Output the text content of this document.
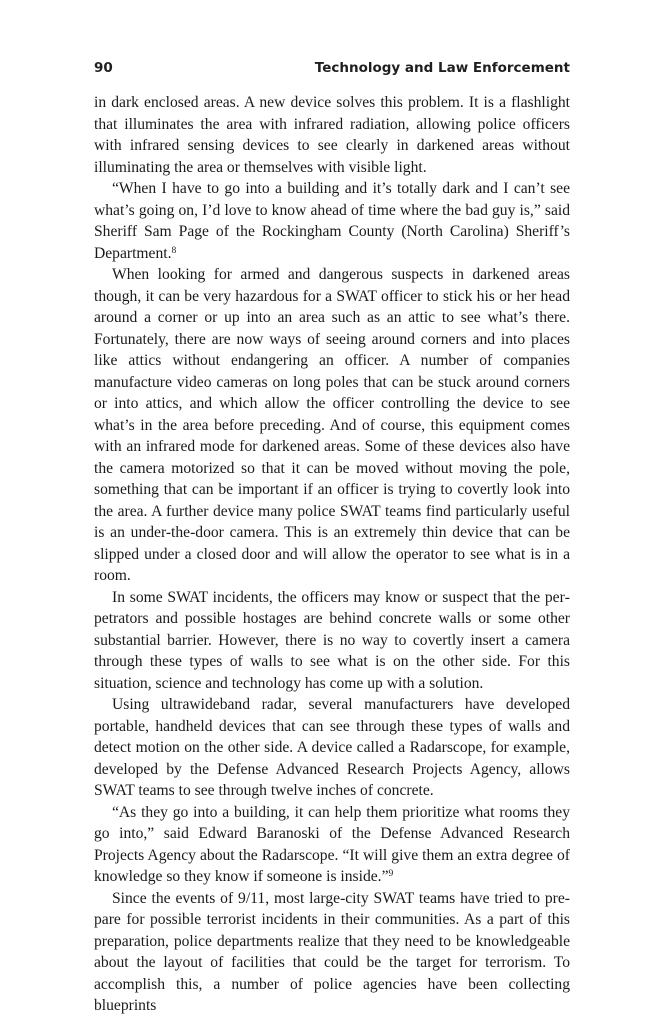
90	Technology and Law Enforcement

in dark enclosed areas. A new device solves this problem. It is a flashlight that illuminates the area with infrared radiation, allowing police officers with infrared sensing devices to see clearly in darkened areas without illuminating the area or themselves with visible light.

“When I have to go into a building and it’s totally dark and I can’t see what’s going on, I’d love to know ahead of time where the bad guy is,” said Sheriff Sam Page of the Rockingham County (North Carolina) Sheriff’s Department.$^8$

When looking for armed and dangerous suspects in darkened areas though, it can be very hazardous for a SWAT officer to stick his or her head around a corner or up into an area such as an attic to see what’s there. Fortunately, there are now ways of seeing around corners and into places like attics without endangering an officer. A number of companies manufacture video cameras on long poles that can be stuck around corners or into attics, and which allow the officer controlling the device to see what’s in the area before preceding. And of course, this equipment comes with an infrared mode for darkened areas. Some of these devices also have the camera motorized so that it can be moved without moving the pole, something that can be important if an officer is trying to covertly look into the area. A further device many police SWAT teams find particularly useful is an under-the-door camera. This is an extremely thin device that can be slipped under a closed door and will allow the operator to see what is in a room.

In some SWAT incidents, the officers may know or suspect that the perpetrators and possible hostages are behind concrete walls or some other substantial barrier. However, there is no way to covertly insert a camera through these types of walls to see what is on the other side. For this situation, science and technology has come up with a solution.

Using ultrawideband radar, several manufacturers have developed portable, handheld devices that can see through these types of walls and detect motion on the other side. A device called a Radarscope, for example, developed by the Defense Advanced Research Projects Agency, allows SWAT teams to see through twelve inches of concrete.

“As they go into a building, it can help them prioritize what rooms they go into,” said Edward Baranoski of the Defense Advanced Research Projects Agency about the Radarscope. “It will give them an extra degree of knowledge so they know if someone is inside.”$^9$

Since the events of 9/11, most large-city SWAT teams have tried to prepare for possible terrorist incidents in their communities. As a part of this preparation, police departments realize that they need to be knowledgeable about the layout of facilities that could be the target for terrorism. To accomplish this, a number of police agencies have been collecting blueprints
